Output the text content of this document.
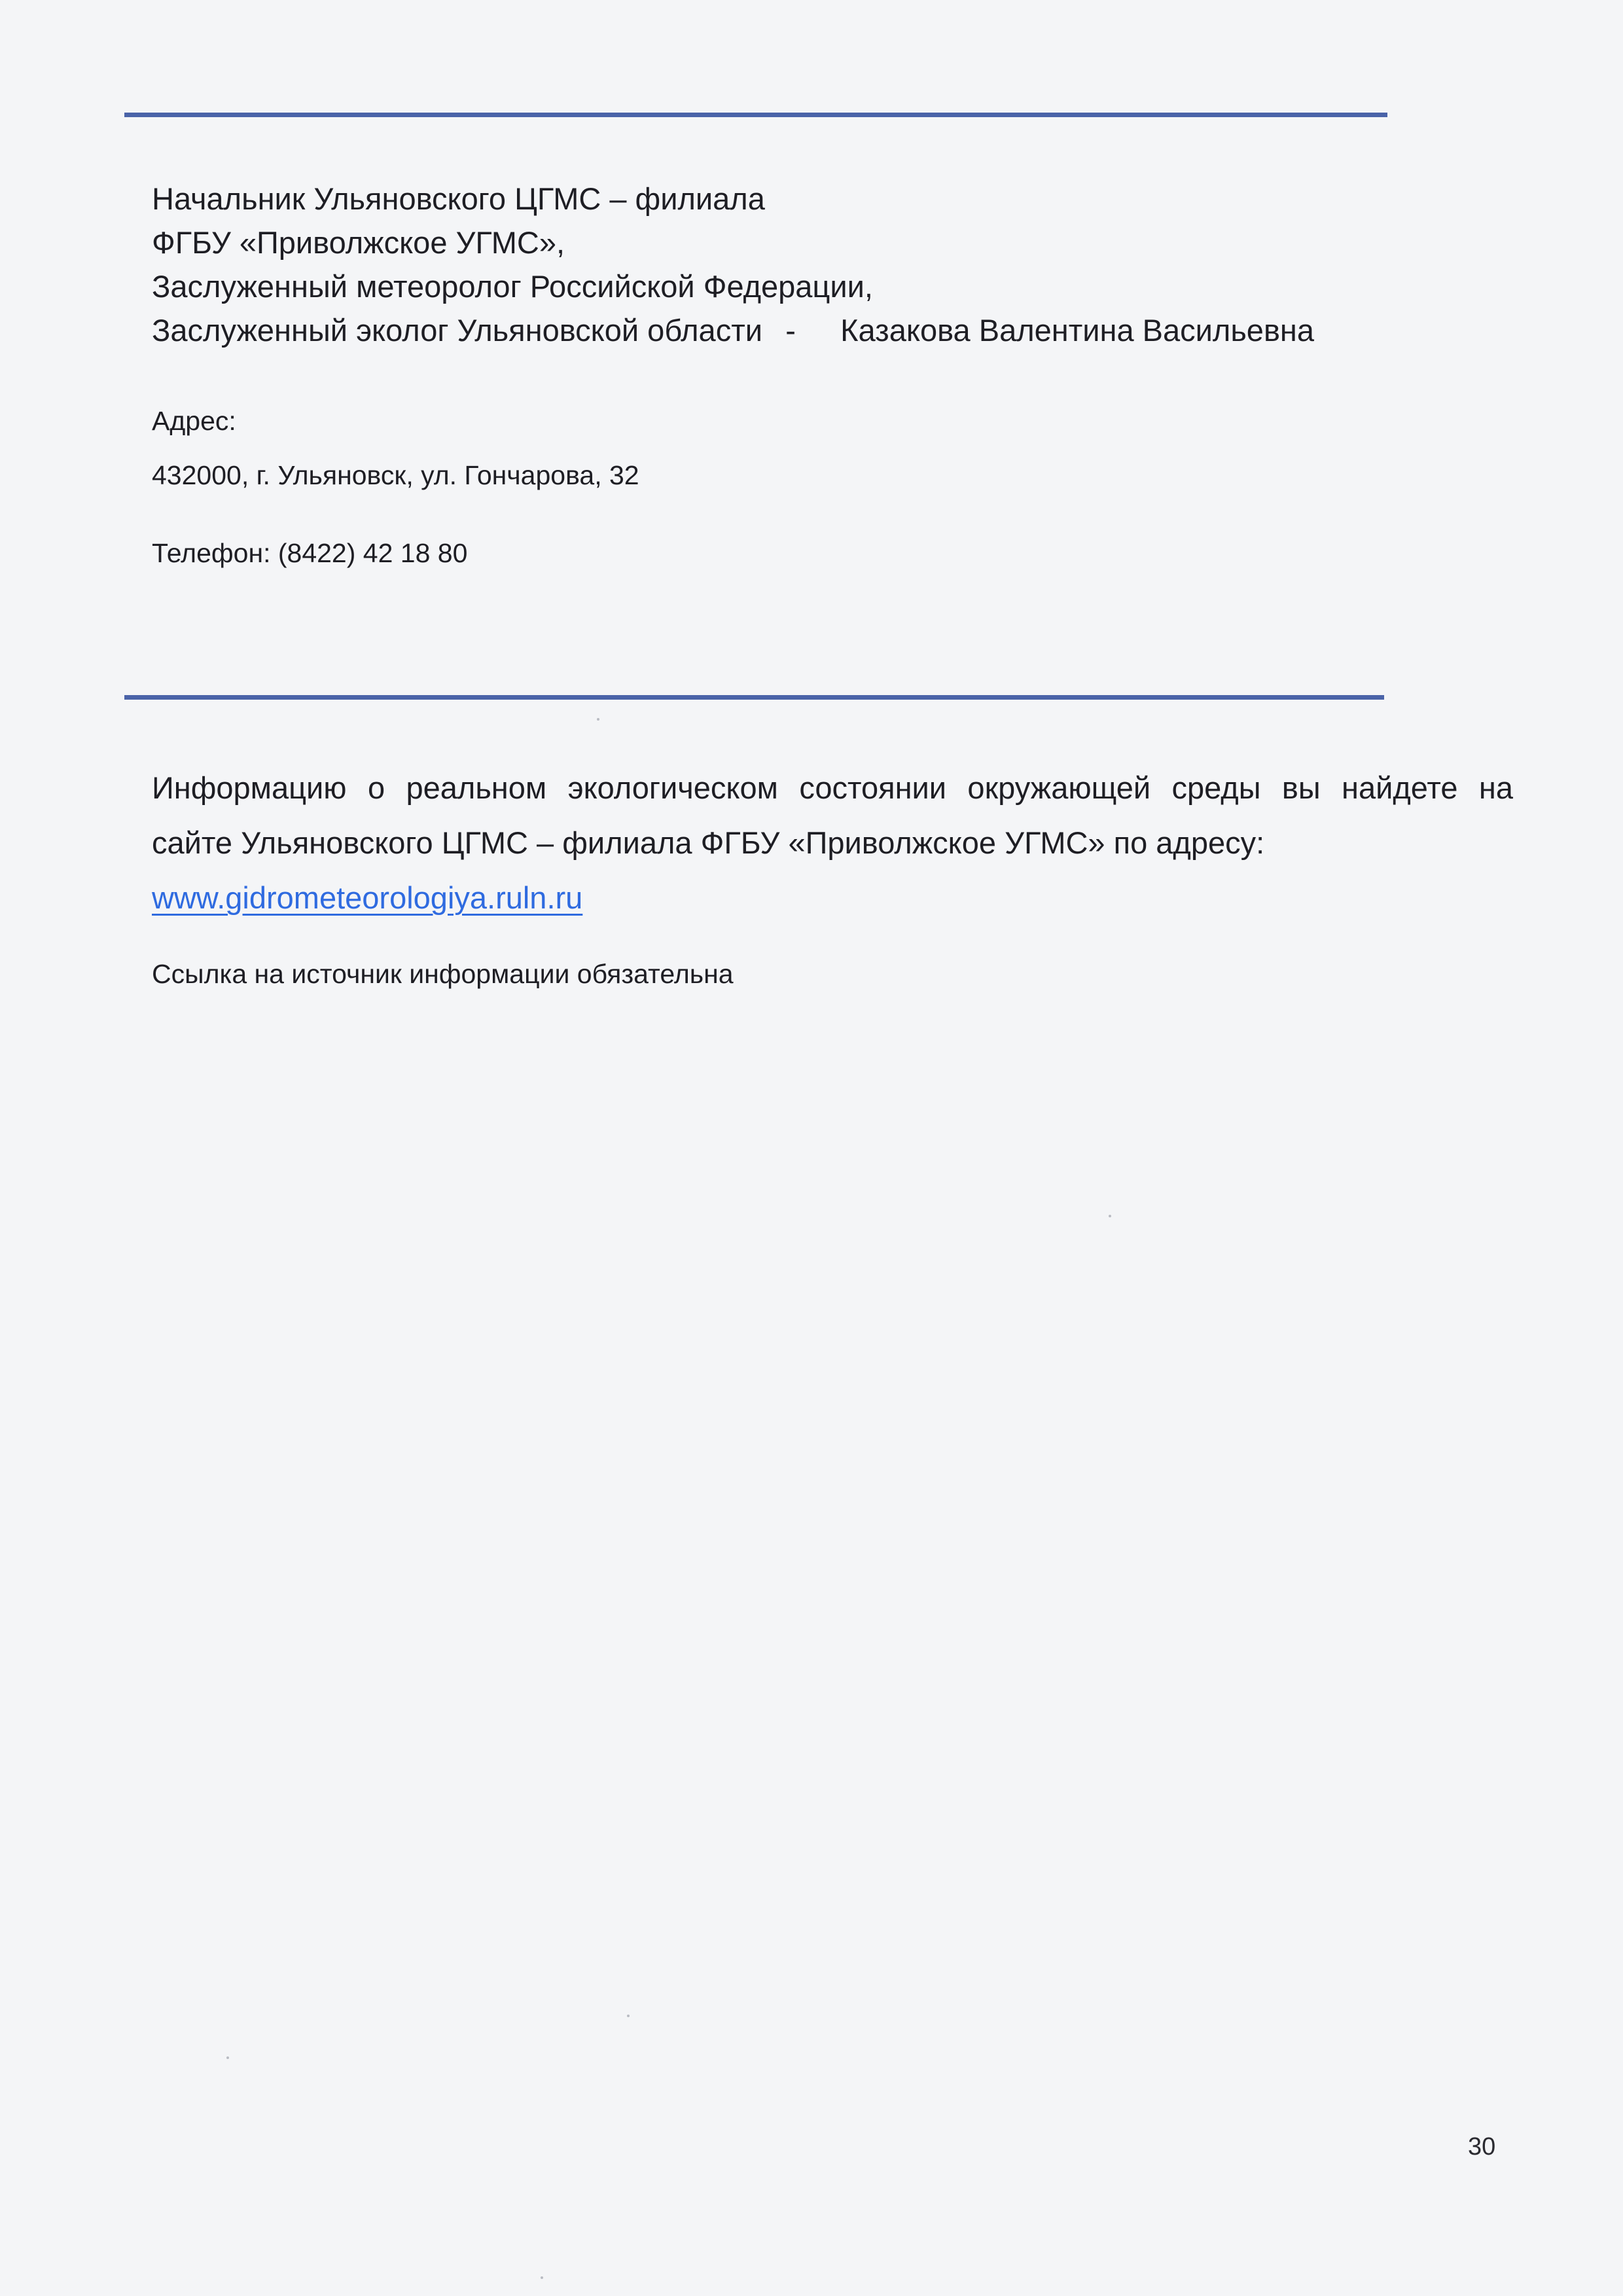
Начальник Ульяновского ЦГМС – филиала
ФГБУ «Приволжское УГМС»,
Заслуженный метеоролог Российской Федерации,
Заслуженный эколог Ульяновской области - Казакова Валентина Васильевна
Адрес:
432000, г. Ульяновск, ул. Гончарова, 32
Телефон: (8422) 42 18 80
Информацию о реальном экологическом состоянии окружающей среды вы найдете на
сайте Ульяновского ЦГМС – филиала ФГБУ «Приволжское УГМС» по адресу:
www.gidrometeorologiya.ruln.ru
Ссылка на источник информации обязательна
30
